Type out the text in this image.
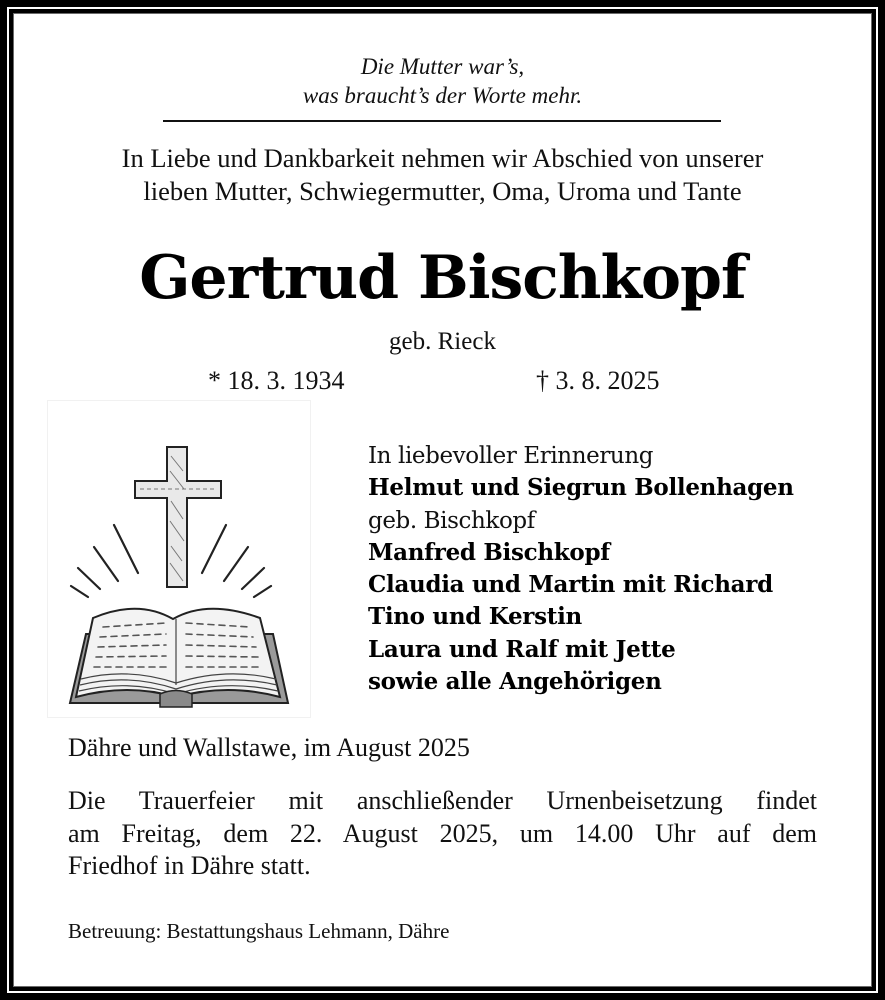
Die Mutter war’s,
was braucht’s der Worte mehr.
In Liebe und Dankbarkeit nehmen wir Abschied von unserer
lieben Mutter, Schwiegermutter, Oma, Uroma und Tante
Gertrud Bischkopf
geb. Rieck
* 18. 3. 1934	† 3. 8. 2025
In liebevoller Erinnerung
Helmut und Siegrun Bollenhagen
geb. Bischkopf
Manfred Bischkopf
Claudia und Martin mit Richard
Tino und Kerstin
Laura und Ralf mit Jette
sowie alle Angehörigen
Dähre und Wallstawe, im August 2025
Die Trauerfeier mit anschließender Urnenbeisetzung findet
am Freitag, dem 22. August 2025, um 14.00 Uhr auf dem
Friedhof in Dähre statt.
Betreuung: Bestattungshaus Lehmann, Dähre
